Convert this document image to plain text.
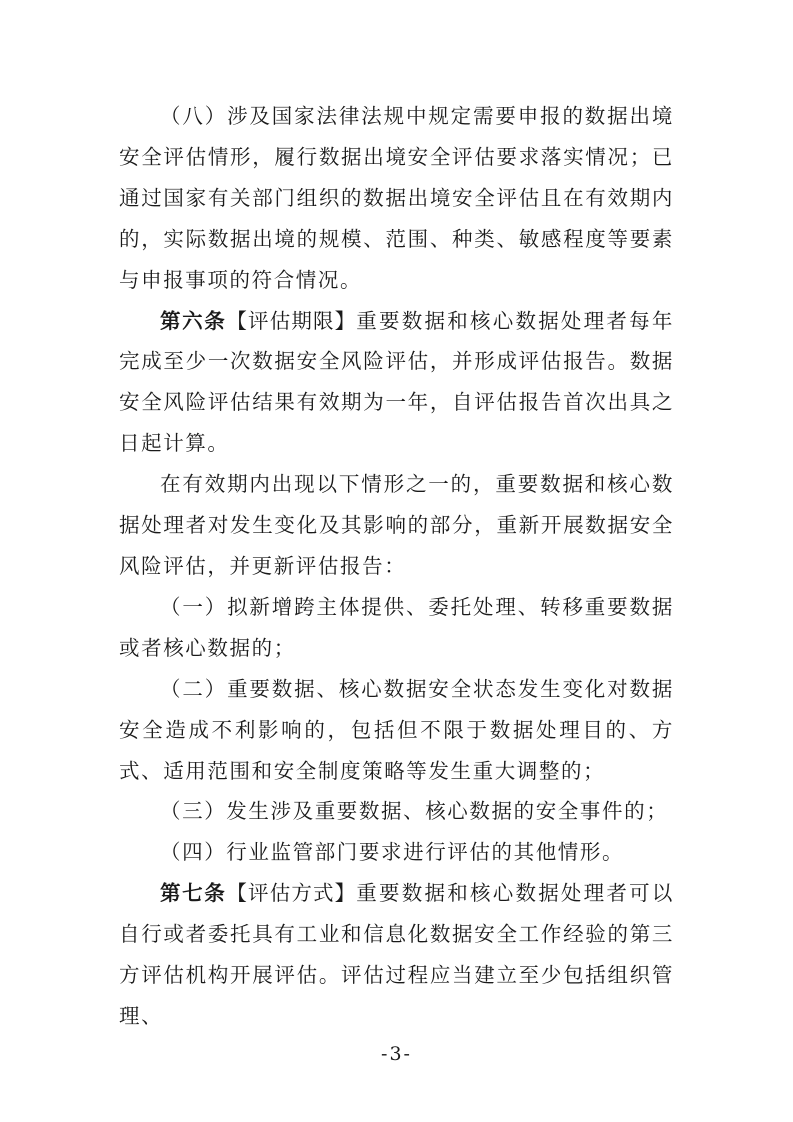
（八）涉及国家法律法规中规定需要申报的数据出境安全评估情形，履行数据出境安全评估要求落实情况；已通过国家有关部门组织的数据出境安全评估且在有效期内的，实际数据出境的规模、范围、种类、敏感程度等要素与申报事项的符合情况。

第六条【评估期限】重要数据和核心数据处理者每年完成至少一次数据安全风险评估，并形成评估报告。数据安全风险评估结果有效期为一年，自评估报告首次出具之日起计算。

在有效期内出现以下情形之一的，重要数据和核心数据处理者对发生变化及其影响的部分，重新开展数据安全风险评估，并更新评估报告：

（一）拟新增跨主体提供、委托处理、转移重要数据或者核心数据的；

（二）重要数据、核心数据安全状态发生变化对数据安全造成不利影响的，包括但不限于数据处理目的、方式、适用范围和安全制度策略等发生重大调整的；

（三）发生涉及重要数据、核心数据的安全事件的；

（四）行业监管部门要求进行评估的其他情形。

第七条【评估方式】重要数据和核心数据处理者可以自行或者委托具有工业和信息化数据安全工作经验的第三方评估机构开展评估。评估过程应当建立至少包括组织管理、

-3-
